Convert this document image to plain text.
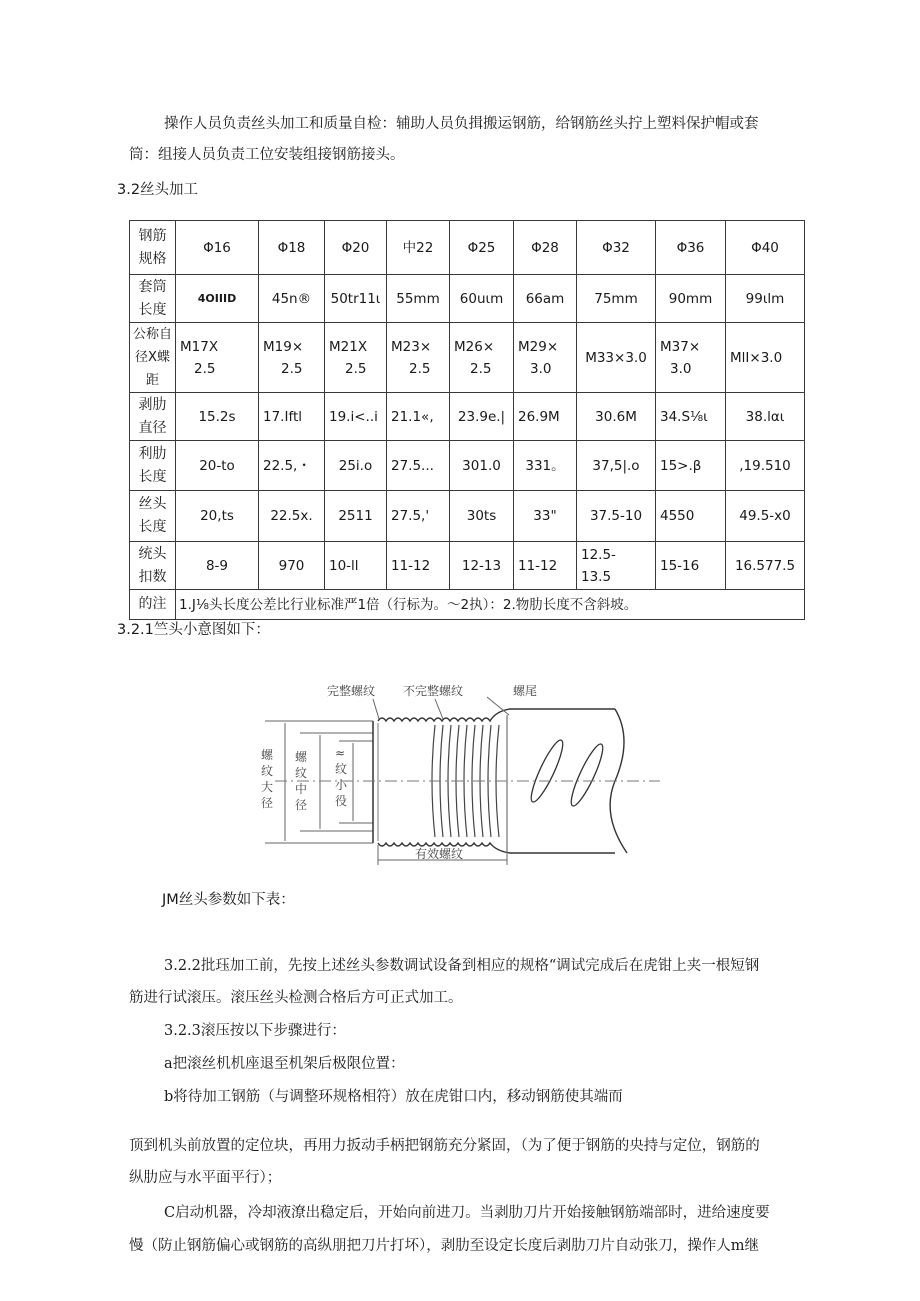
操作人员负责丝头加工和质量自检：辅助人员负揖搬运钢筋，给钢筋丝头拧上塑料保护帽或套
筒：组接人员负责工位安装组接钢筋接头。
3.2丝头加工
钢筋
规格	Φ16	Φ18	Φ20	中22	Φ25	Φ28	Φ32	Φ36	Φ40
套筒
长度	4OIIID	45n®	50tr11ι	55mm	60uιm	66am	75mm	90mm	99ιlm
公称自
径X蝶距	M17X
2.5	M19×
2.5	M21X
2.5	M23×
2.5	M26×
2.5	M29×
3.0	M33×3.0	M37×
3.0	MlI×3.0
剥肋
直径	15.2s	17.Iftl	19.i<..i	21.1«,	23.9e.|	26.9M	30.6M	34.S⅛ι	38.lαι
利肋
长度	20-to	22.5,・	25i.o	27.5...	301.0	331。	37,5|.o	15>.β	,19.510
丝头
长度	20,ts	22.5x.	2511	27.5,'	30ts	33"	37.5-10	4550	49.5-x0
统头
扣数	8-9	970	10-ll	11-12	12-13	11-12	12.5-
13.5	15-16	16.577.5
的注	1.J⅛头长度公差比行业标准严1倍（行标为。～2执）：2.物肋长度不含斜坡。								
3.2.1竺头小意图如下：
完整螺纹 不完整螺纹	螺尾
螺
纹
大
径
螺
纹
中
径
≈
纹
小
役
有效螺纹
JM丝头参数如下表：
3.2.2批珏加工前，先按上述丝头参数调试设备到相应的规格“调试完成后在虎钳上夹一根短钢
筋进行试滚压。滚压丝头检测合格后方可正式加工。
3.2.3滚压按以下步骤进行：
a把滚丝机机座退至机架后极限位置：
b将待加工钢筋（与调整环规格相符）放在虎钳口内，移动钢筋使其端而
顶到机头前放置的定位块，再用力扳动手柄把钢筋充分紧固，（为了便于钢筋的央持与定位，钢筋的
纵肋应与水平面平行）；
C启动机器，冷却液潦出稳定后，开始向前进刀。当剥肋刀片开始接触钢筋端部时，进给速度要
慢（防止钢筋偏心或钢筋的高纵朋把刀片打坏），剥肋至设定长度后剥肋刀片自动张刀，操作人m继
